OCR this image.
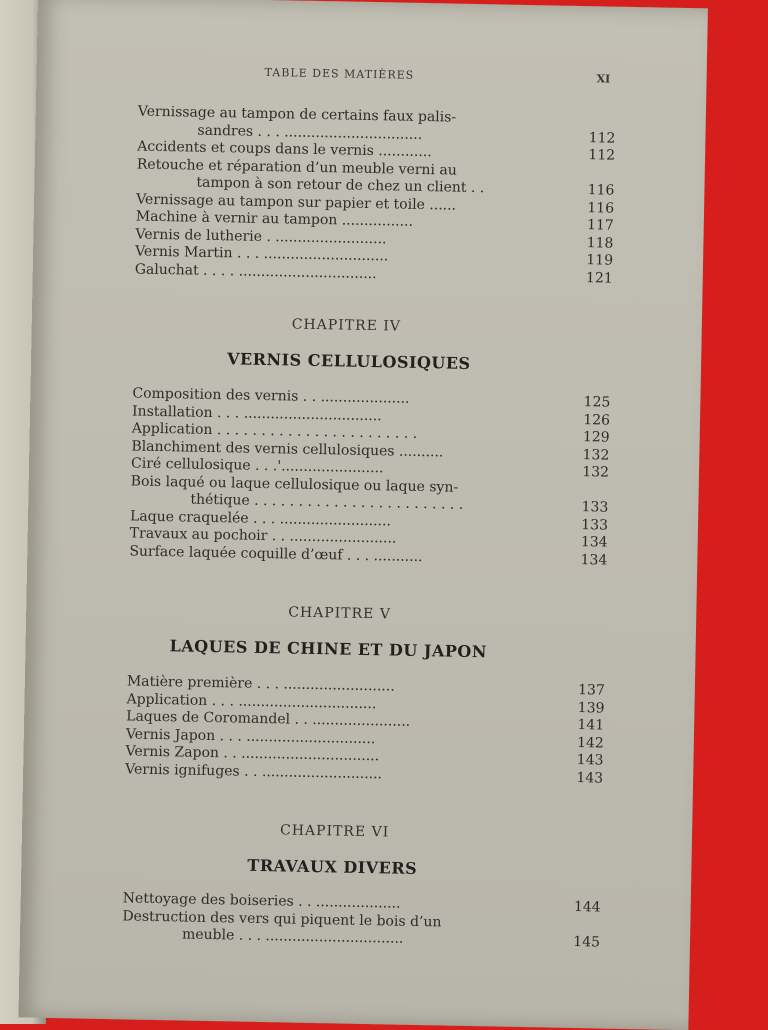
TABLE DES MATIÈRES	XI
Vernissage au tampon de certains faux palis-
sandres . . . ...............................	112
Accidents et coups dans le vernis ............	112
Retouche et réparation d’un meuble verni au
tampon à son retour de chez un client . .	116
Vernissage au tampon sur papier et toile ......	116
Machine à vernir au tampon ................	117
Vernis de lutherie . .........................	118
Vernis Martin . . . ............................	119
Galuchat . . . . ...............................	121
CHAPITRE IV
VERNIS CELLULOSIQUES
Composition des vernis . . ....................	125
Installation . . . ...............................	126
Application . . . . . . . . . . . . . . . . . . . . . . .	129
Blanchiment des vernis cellulosiques ..........	132
Ciré cellulosique . . .'.......................	132
Bois laqué ou laque cellulosique ou laque syn-
thétique . . . . . . . . . . . . . . . . . . . . . . . .	133
Laque craquelée . . . .........................	133
Travaux au pochoir . . ........................	134
Surface laquée coquille d’œuf . . . ...........	134
CHAPITRE V
LAQUES DE CHINE ET DU JAPON
Matière première . . . .........................	137
Application . . . ...............................	139
Laques de Coromandel . . ......................	141
Vernis Japon . . . .............................	142
Vernis Zapon . . ...............................	143
Vernis ignifuges . . ...........................	143
CHAPITRE VI
TRAVAUX DIVERS
Nettoyage des boiseries . . ...................	144
Destruction des vers qui piquent le bois d’un
meuble . . . ...............................	145
